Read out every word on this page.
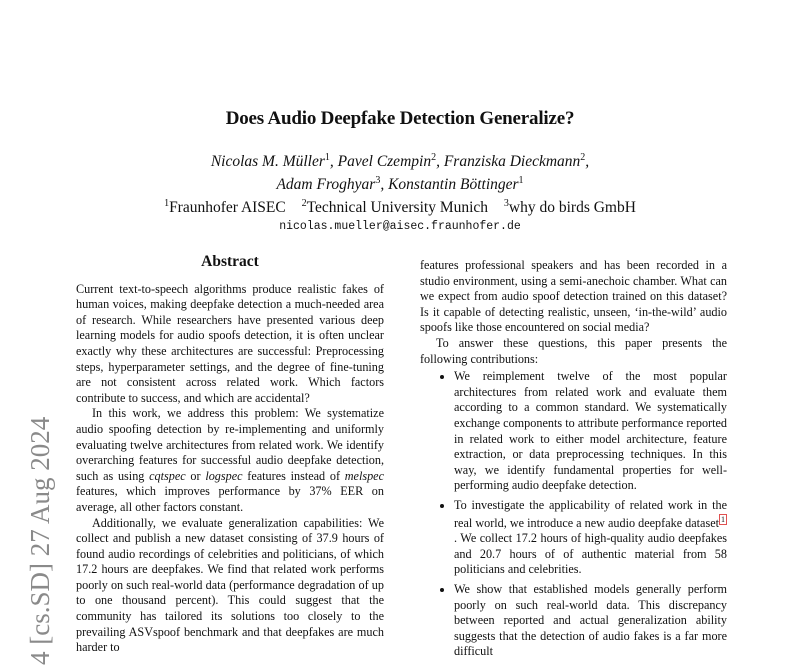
4 [cs.SD] 27 Aug 2024
Does Audio Deepfake Detection Generalize?
Nicolas M. Müller$^1$, Pavel Czempin$^2$, Franziska Dieckmann$^2$,
Adam Froghyar$^3$, Konstantin Böttinger$^1$
$^1$Fraunhofer AISEC $^2$Technical University Munich $^3$why do birds GmbH
nicolas.mueller@aisec.fraunhofer.de
Abstract

Current text-to-speech algorithms produce realistic fakes of human voices, making deepfake detection a much-needed area of research. While researchers have presented various deep learning models for audio spoofs detection, it is often unclear exactly why these architectures are successful: Preprocessing steps, hyperparameter settings, and the degree of fine-tuning are not consistent across related work. Which factors contribute to success, and which are accidental?

In this work, we address this problem: We systematize audio spoofing detection by re-implementing and uniformly evaluating twelve architectures from related work. We identify overarching features for successful audio deepfake detection, such as using cqtspec or logspec features instead of melspec features, which improves performance by 37% EER on average, all other factors constant.

Additionally, we evaluate generalization capabilities: We collect and publish a new dataset consisting of 37.9 hours of found audio recordings of celebrities and politicians, of which 17.2 hours are deepfakes. We find that related work performs poorly on such real-world data (performance degradation of up to one thousand percent). This could suggest that the community has tailored its solutions too closely to the prevailing ASVspoof benchmark and that deepfakes are much harder to

features professional speakers and has been recorded in a studio environment, using a semi-anechoic chamber. What can we expect from audio spoof detection trained on this dataset? Is it capable of detecting realistic, unseen, ‘in-the-wild’ audio spoofs like those encountered on social media?

To answer these questions, this paper presents the following contributions:

• We reimplement twelve of the most popular architectures from related work and evaluate them according to a common standard. We systematically exchange components to attribute performance reported in related work to either model architecture, feature extraction, or data preprocessing techniques. In this way, we identify fundamental properties for well-performing audio deepfake detection.
• To investigate the applicability of related work in the real world, we introduce a new audio deepfake dataset 1. We collect 17.2 hours of high-quality audio deepfakes and 20.7 hours of of authentic material from 58 politicians and celebrities.
• We show that established models generally perform poorly on such real-world data. This discrepancy between reported and actual generalization ability suggests that the detection of audio fakes is a far more difficult
